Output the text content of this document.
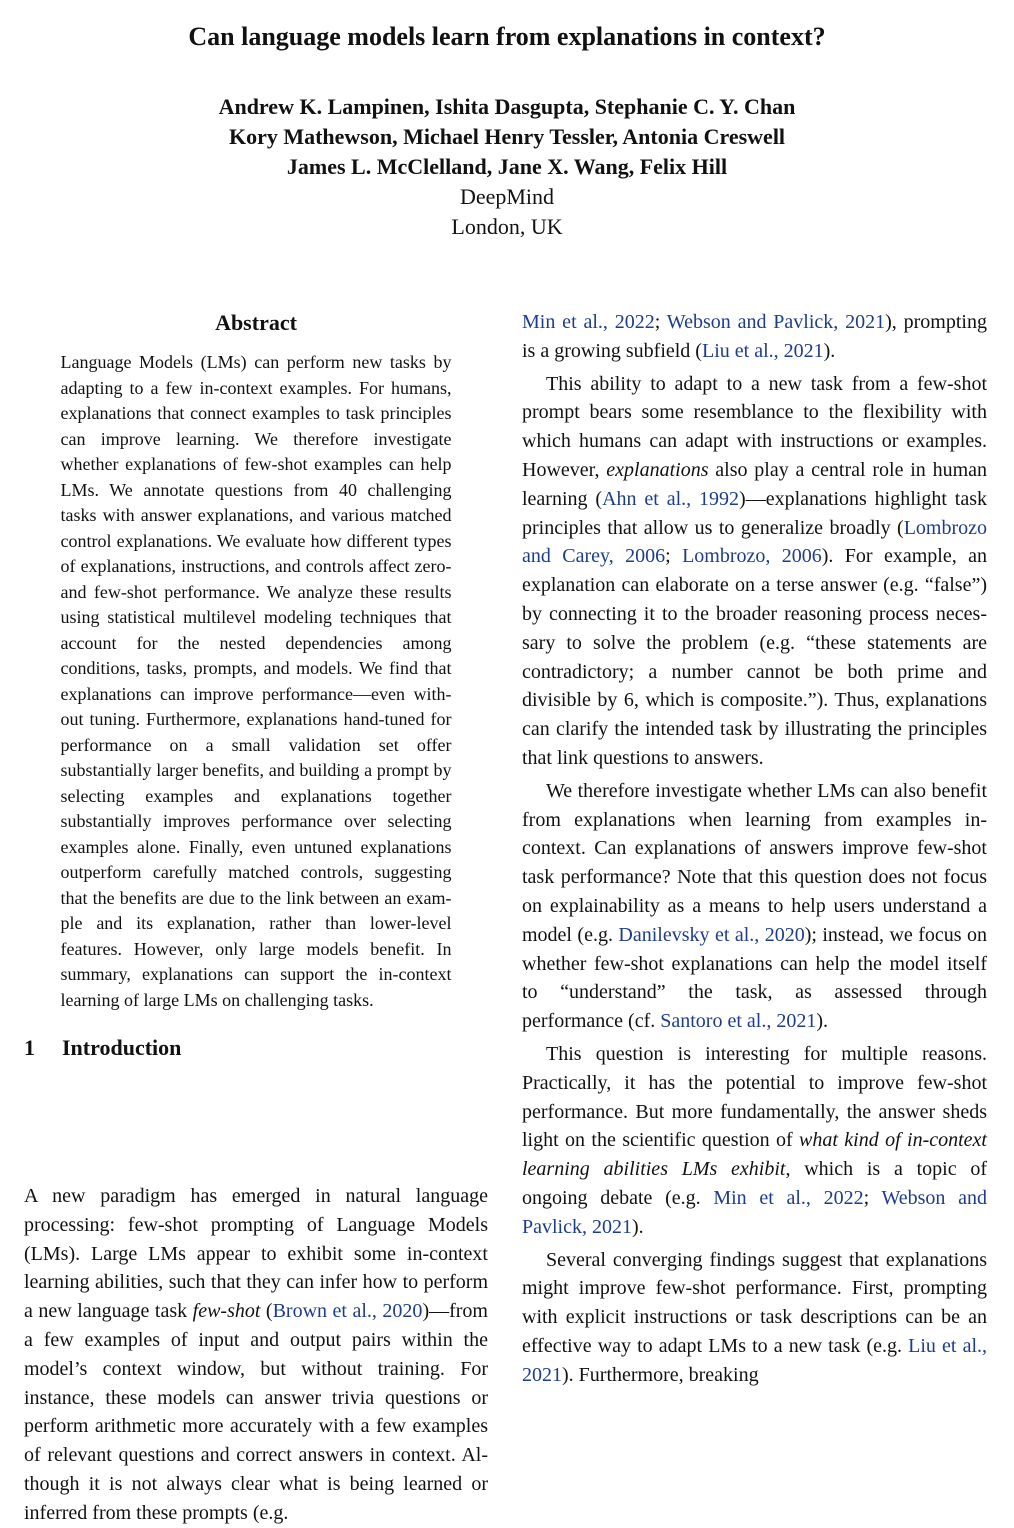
Can language models learn from explanations in context?
Andrew K. Lampinen, Ishita Dasgupta, Stephanie C. Y. Chan
Kory Mathewson, Michael Henry Tessler, Antonia Creswell
James L. McClelland, Jane X. Wang, Felix Hill
DeepMind
London, UK
Abstract

Language Models (LMs) can perform new tasks by adapting to a few in-context examples. For humans, explanations that connect examples to task principles can improve learning. We therefore investigate whether explanations of few-shot examples can help LMs. We annotate questions from 40 challenging tasks with answer explanations, and various matched control explanations. We evaluate how different types of explanations, instructions, and controls affect zero- and few-shot performance. We analyze these results using statistical multilevel modeling techniques that account for the nested dependencies among conditions, tasks, prompts, and models. We find that explanations can improve performance—even without tuning. Furthermore, explanations hand-tuned for performance on a small validation set offer substantially larger benefits, and building a prompt by selecting examples and explanations together substantially improves performance over selecting examples alone. Finally, even untuned explanations outperform carefully matched controls, suggesting that the benefits are due to the link between an example and its explanation, rather than lower-level features. However, only large models benefit. In summary, explanations can support the in-context learning of large LMs on challenging tasks.

1 Introduction

A new paradigm has emerged in natural language processing: few-shot prompting of Language Models (LMs). Large LMs appear to exhibit some in-context learning abilities, such that they can infer how to perform a new language task few-shot (Brown et al., 2020)—from a few examples of input and output pairs within the model’s context window, but without training. For instance, these models can answer trivia questions or perform arithmetic more accurately with a few examples of relevant questions and correct answers in context. Although it is not always clear what is being learned or inferred from these prompts (e.g.

Min et al., 2022; Webson and Pavlick, 2021), prompting is a growing subfield (Liu et al., 2021).

This ability to adapt to a new task from a few-shot prompt bears some resemblance to the flexibility with which humans can adapt with instructions or examples. However, explanations also play a central role in human learning (Ahn et al., 1992)—explanations highlight task principles that allow us to generalize broadly (Lombrozo and Carey, 2006; Lombrozo, 2006). For example, an explanation can elaborate on a terse answer (e.g. “false”) by connecting it to the broader reasoning process necessary to solve the problem (e.g. “these statements are contradictory; a number cannot be both prime and divisible by 6, which is composite.”). Thus, explanations can clarify the intended task by illustrating the principles that link questions to answers.

We therefore investigate whether LMs can also benefit from explanations when learning from examples in-context. Can explanations of answers improve few-shot task performance? Note that this question does not focus on explainability as a means to help users understand a model (e.g. Danilevsky et al., 2020); instead, we focus on whether few-shot explanations can help the model itself to “understand” the task, as assessed through performance (cf. Santoro et al., 2021).

This question is interesting for multiple reasons. Practically, it has the potential to improve few-shot performance. But more fundamentally, the answer sheds light on the scientific question of what kind of in-context learning abilities LMs exhibit, which is a topic of ongoing debate (e.g. Min et al., 2022; Webson and Pavlick, 2021).

Several converging findings suggest that explanations might improve few-shot performance. First, prompting with explicit instructions or task descriptions can be an effective way to adapt LMs to a new task (e.g. Liu et al., 2021). Furthermore, breaking
